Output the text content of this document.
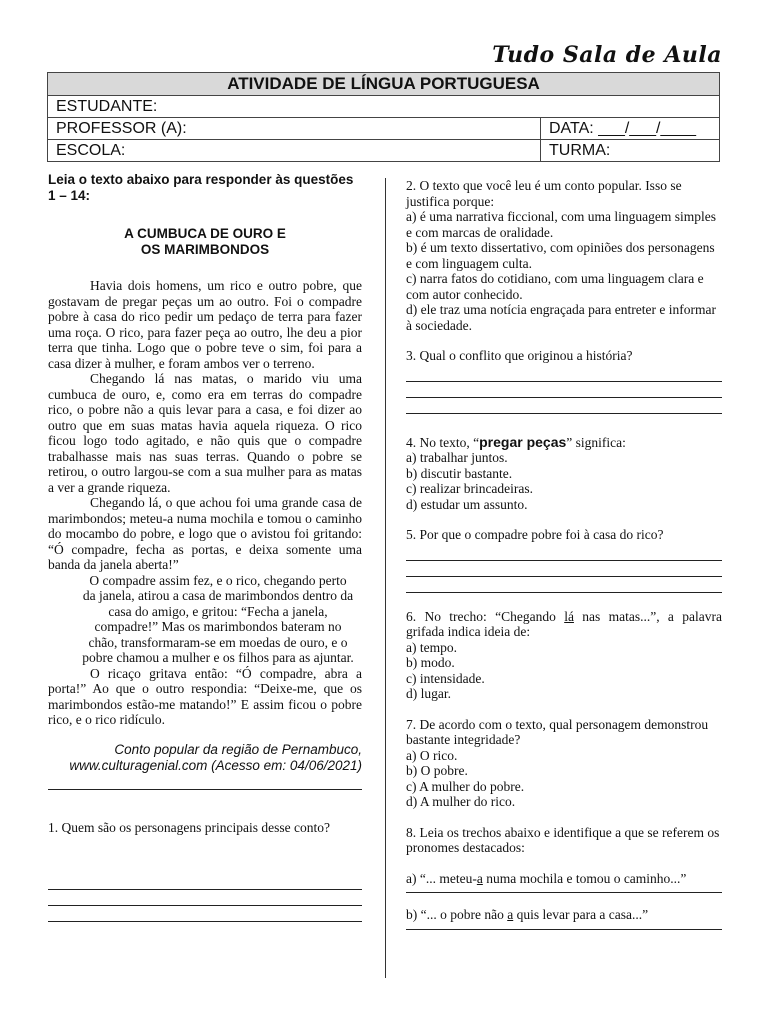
Tudo Sala de Aula
ATIVIDADE DE LÍNGUA PORTUGUESA	
ESTUDANTE:	
PROFESSOR (A):	DATA: ___/___/____
ESCOLA:	TURMA:

Leia o texto abaixo para responder às questões 1 – 14:

A CUMBUCA DE OURO E
OS MARIMBONDOS

Havia dois homens, um rico e outro pobre, que gostavam de pregar peças um ao outro. Foi o compadre pobre à casa do rico pedir um pedaço de terra para fazer uma roça. O rico, para fazer peça ao outro, lhe deu a pior terra que tinha. Logo que o pobre teve o sim, foi para a casa dizer à mulher, e foram ambos ver o terreno.

Chegando lá nas matas, o marido viu uma cumbuca de ouro, e, como era em terras do compadre rico, o pobre não a quis levar para a casa, e foi dizer ao outro que em suas matas havia aquela riqueza. O rico ficou logo todo agitado, e não quis que o compadre trabalhasse mais nas suas terras. Quando o pobre se retirou, o outro largou-se com a sua mulher para as matas a ver a grande riqueza.

Chegando lá, o que achou foi uma grande casa de marimbondos; meteu-a numa mochila e tomou o caminho do mocambo do pobre, e logo que o avistou foi gritando: “Ó compadre, fecha as portas, e deixa somente uma banda da janela aberta!”

O compadre assim fez, e o rico, chegando perto da janela, atirou a casa de marimbondos dentro da casa do amigo, e gritou: “Fecha a janela, compadre!” Mas os marimbondos bateram no chão, transformaram-se em moedas de ouro, e o pobre chamou a mulher e os filhos para as ajuntar.

O ricaço gritava então: “Ó compadre, abra a porta!” Ao que o outro respondia: “Deixe-me, que os marimbondos estão-me matando!” E assim ficou o pobre rico, e o rico ridículo.

Conto popular da região de Pernambuco, www.culturagenial.com (Acesso em: 04/06/2021)
1. Quem são os personagens principais desse conto?
2. O texto que você leu é um conto popular. Isso se justifica porque:
a) é uma narrativa ficcional, com uma linguagem simples e com marcas de oralidade.
b) é um texto dissertativo, com opiniões dos personagens e com linguagem culta.
c) narra fatos do cotidiano, com uma linguagem clara e com autor conhecido.
d) ele traz uma notícia engraçada para entreter e informar à sociedade.
3. Qual o conflito que originou a história?
4. No texto, “pregar peças” significa:
a) trabalhar juntos.
b) discutir bastante.
c) realizar brincadeiras.
d) estudar um assunto.
5. Por que o compadre pobre foi à casa do rico?
6. No trecho: “Chegando lá nas matas...”, a palavra grifada indica ideia de:
a) tempo.
b) modo.
c) intensidade.
d) lugar.
7. De acordo com o texto, qual personagem demonstrou bastante integridade?
a) O rico.
b) O pobre.
c) A mulher do pobre.
d) A mulher do rico.
8. Leia os trechos abaixo e identifique a que se referem os pronomes destacados:
a) “... meteu-a numa mochila e tomou o caminho...”
b) “... o pobre não a quis levar para a casa...”
